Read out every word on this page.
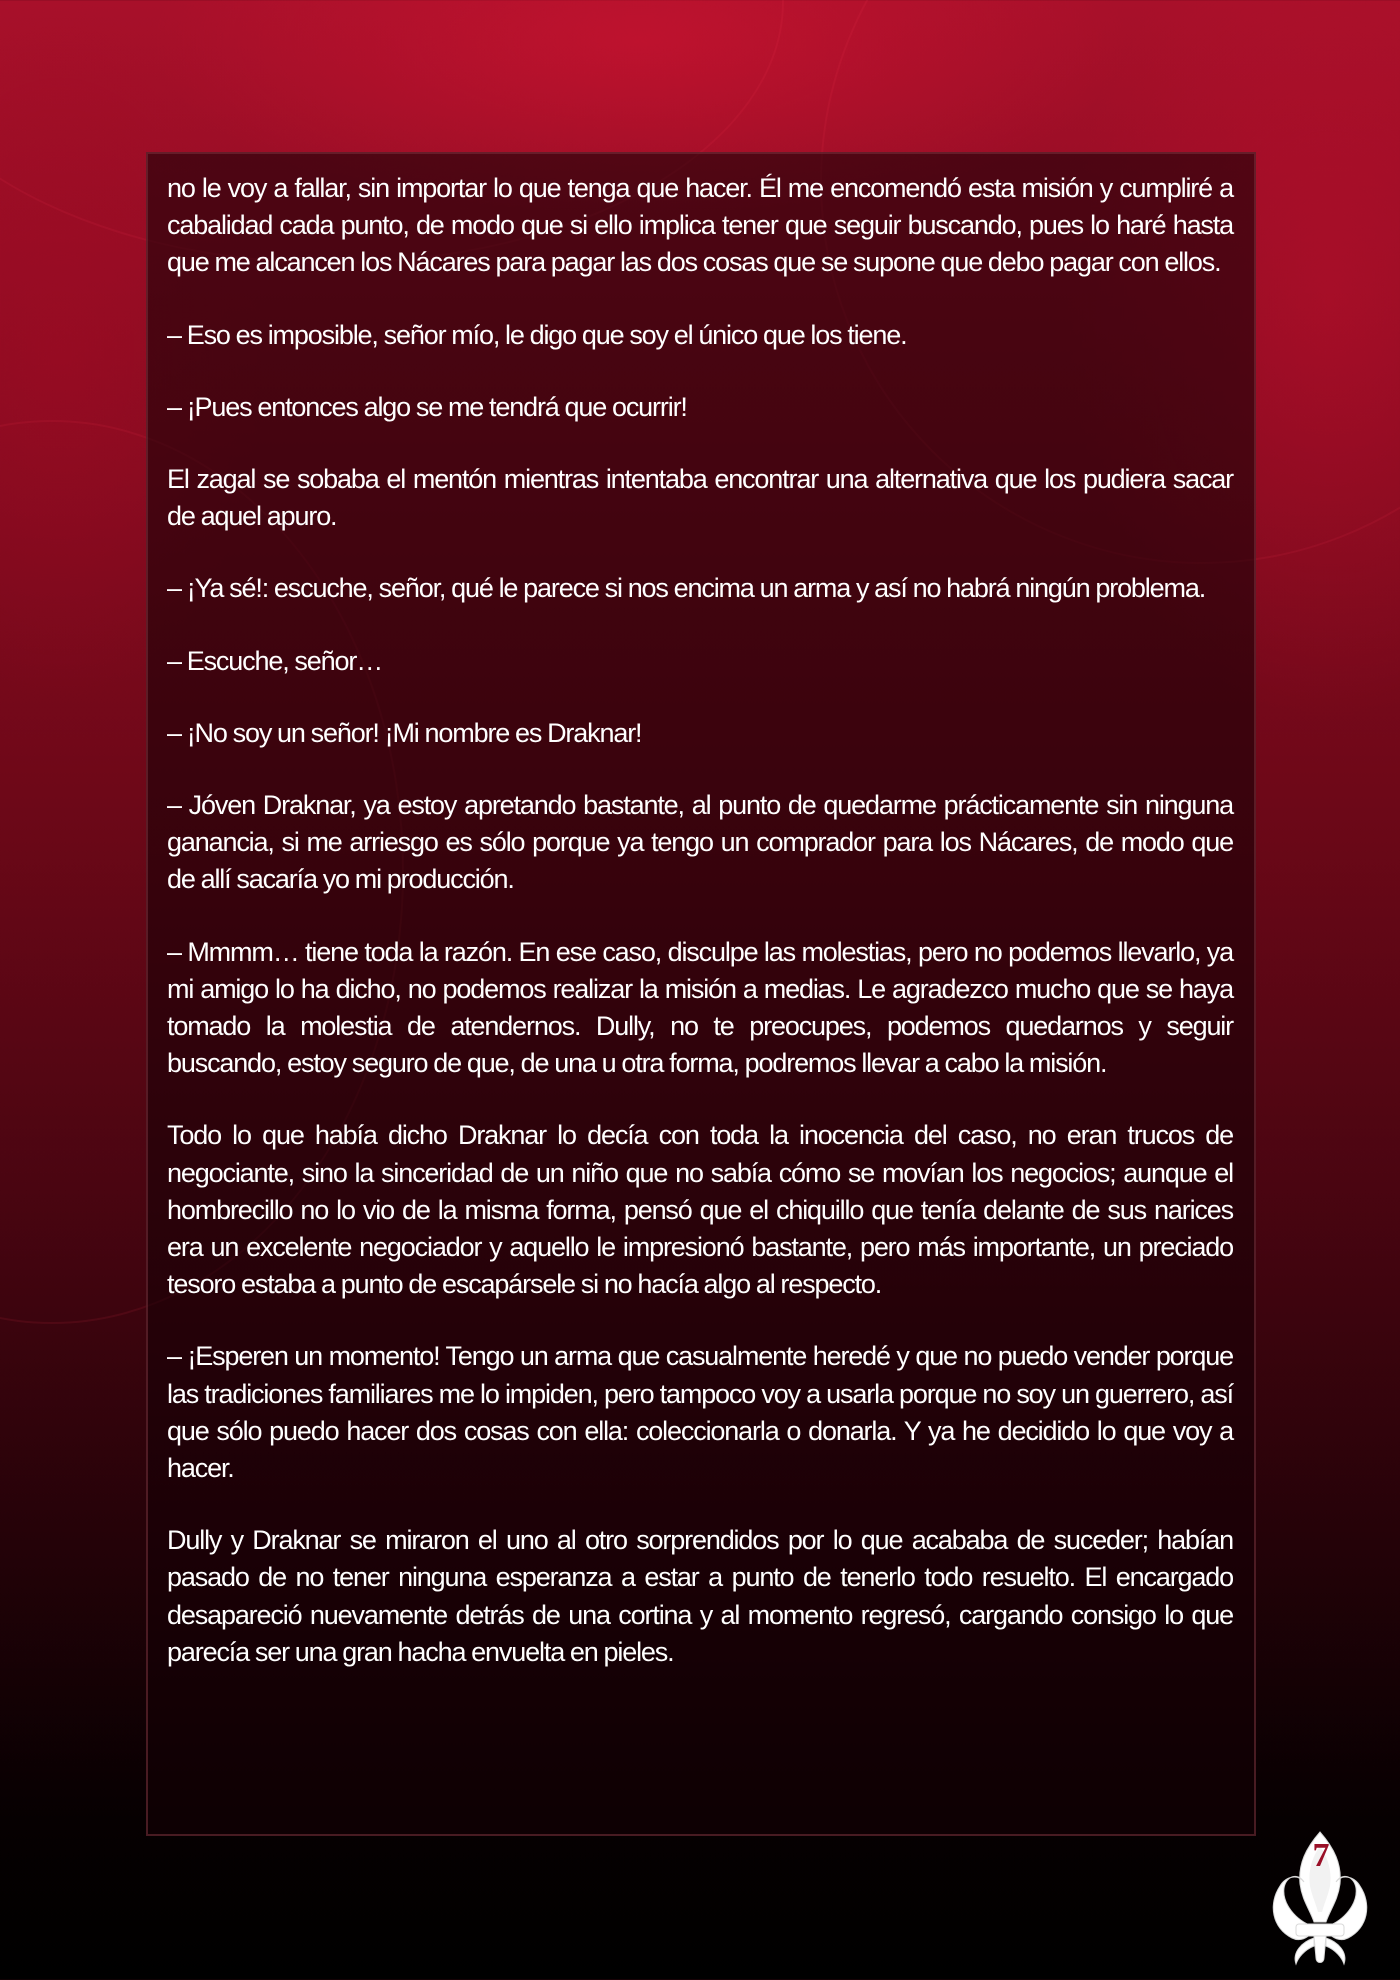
no le voy a fallar, sin importar lo que tenga que hacer. Él me encomendó esta misión y cumpliré a cabalidad cada punto, de modo que si ello implica tener que seguir buscando, pues lo haré hasta que me alcancen los Nácares para pagar las dos cosas que se supone que debo pagar con ellos.

– Eso es imposible, señor mío, le digo que soy el único que los tiene.

– ¡Pues entonces algo se me tendrá que ocurrir!

El zagal se sobaba el mentón mientras intentaba encontrar una alternativa que los pudiera sacar de aquel apuro.

– ¡Ya sé!: escuche, señor, qué le parece si nos encima un arma y así no habrá ningún problema.

– Escuche, señor…

– ¡No soy un señor! ¡Mi nombre es Draknar!

– Jóven Draknar, ya estoy apretando bastante, al punto de quedarme prácticamente sin ninguna ganancia, si me arriesgo es sólo porque ya tengo un comprador para los Nácares, de modo que de allí sacaría yo mi producción.

– Mmmm… tiene toda la razón. En ese caso, disculpe las molestias, pero no podemos llevarlo, ya mi amigo lo ha dicho, no podemos realizar la misión a medias. Le agradezco mucho que se haya tomado la molestia de atendernos. Dully, no te preocupes, podemos quedarnos y seguir buscando, estoy seguro de que, de una u otra forma, podremos llevar a cabo la misión.

Todo lo que había dicho Draknar lo decía con toda la inocencia del caso, no eran trucos de negociante, sino la sinceridad de un niño que no sabía cómo se movían los negocios; aunque el hombrecillo no lo vio de la misma forma, pensó que el chiquillo que tenía delante de sus narices era un excelente negociador y aquello le impresionó bastante, pero más importante, un preciado tesoro estaba a punto de escapársele si no hacía algo al respecto.

– ¡Esperen un momento! Tengo un arma que casualmente heredé y que no puedo vender porque las tradiciones familiares me lo impiden, pero tampoco voy a usarla porque no soy un guerrero, así que sólo puedo hacer dos cosas con ella: coleccionarla o donarla. Y ya he decidido lo que voy a hacer.

Dully y Draknar se miraron el uno al otro sorprendidos por lo que acababa de suceder; habían pasado de no tener ninguna esperanza a estar a punto de tenerlo todo resuelto. El encargado desapareció nuevamente detrás de una cortina y al momento regresó, cargando consigo lo que parecía ser una gran hacha envuelta en pieles.

7
